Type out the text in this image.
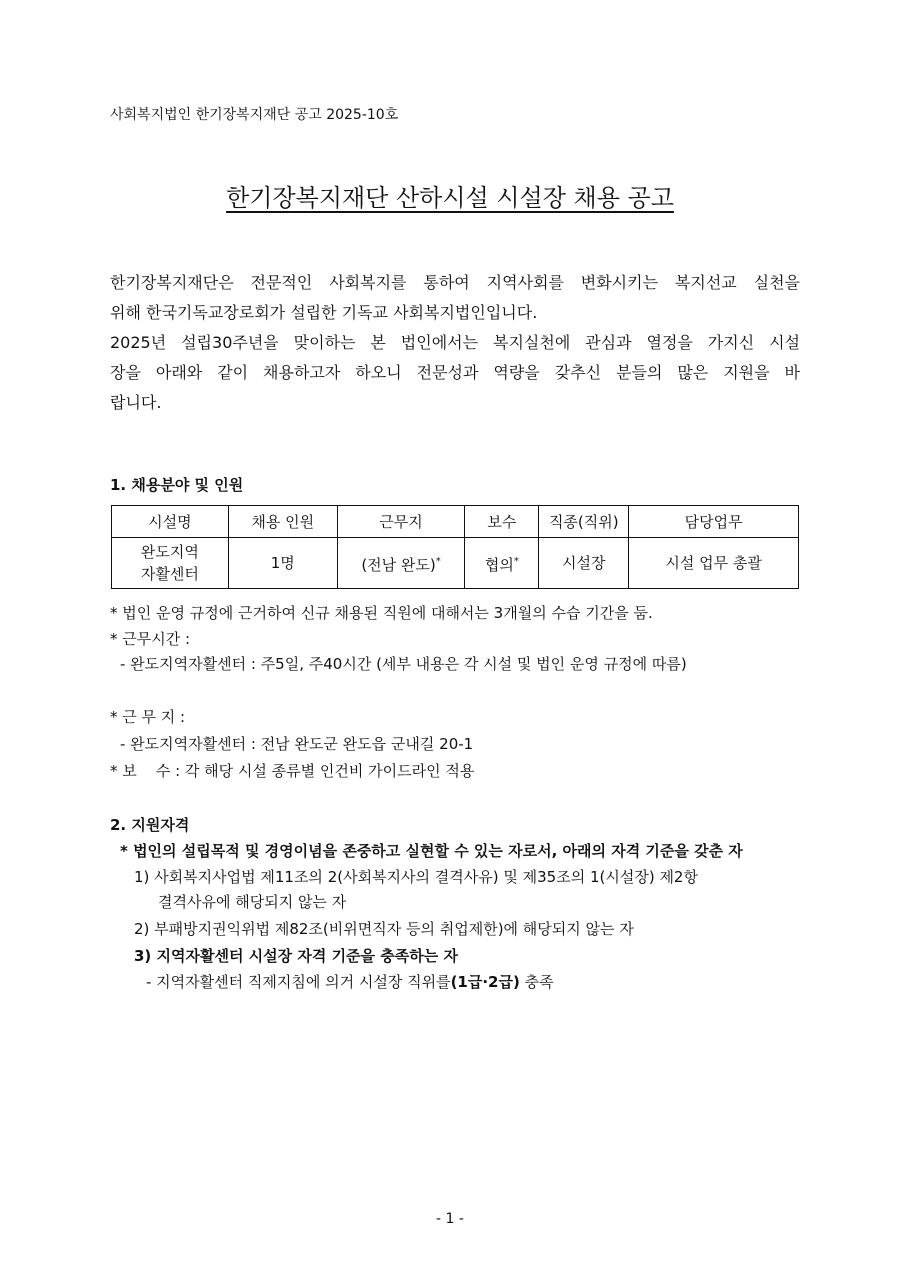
사회복지법인 한기장복지재단 공고 2025-10호
한기장복지재단 산하시설 시설장 채용 공고

한기장복지재단은 전문적인 사회복지를 통하여 지역사회를 변화시키는 복지선교 실천을

위해 한국기독교장로회가 설립한 기독교 사회복지법인입니다.

2025년 설립30주년을 맞이하는 본 법인에서는 복지실천에 관심과 열정을 가지신 시설

장을 아래와 같이 채용하고자 하오니 전문성과 역량을 갖추신 분들의 많은 지원을 바

랍니다.

1. 채용분야 및 인원
시설명	채용 인원	근무지	보수	직종(직위)	담당업무

완도지역
자활센터	1명	(전남 완도)*	협의*	시설장	시설 업무 총괄
* 법인 운영 규정에 근거하여 신규 채용된 직원에 대해서는 3개월의 수습 기간을 둠.
* 근무시간 :
- 완도지역자활센터 : 주5일, 주40시간 (세부 내용은 각 시설 및 법인 운영 규정에 따름)
* 근 무 지 :
- 완도지역자활센터 : 전남 완도군 완도읍 군내길 20-1
* 보    수 : 각 해당 시설 종류별 인건비 가이드라인 적용
2. 지원자격
* 법인의 설립목적 및 경영이념을 존중하고 실현할 수 있는 자로서, 아래의 자격 기준을 갖춘 자
1) 사회복지사업법 제11조의 2(사회복지사의 결격사유) 및 제35조의 1(시설장) 제2항
결격사유에 해당되지 않는 자
2) 부패방지권익위법 제82조(비위면직자 등의 취업제한)에 해당되지 않는 자
3) 지역자활센터 시설장 자격 기준을 충족하는 자
- 지역자활센터 직제지침에 의거 시설장 직위를(1급·2급) 충족
- 1 -
